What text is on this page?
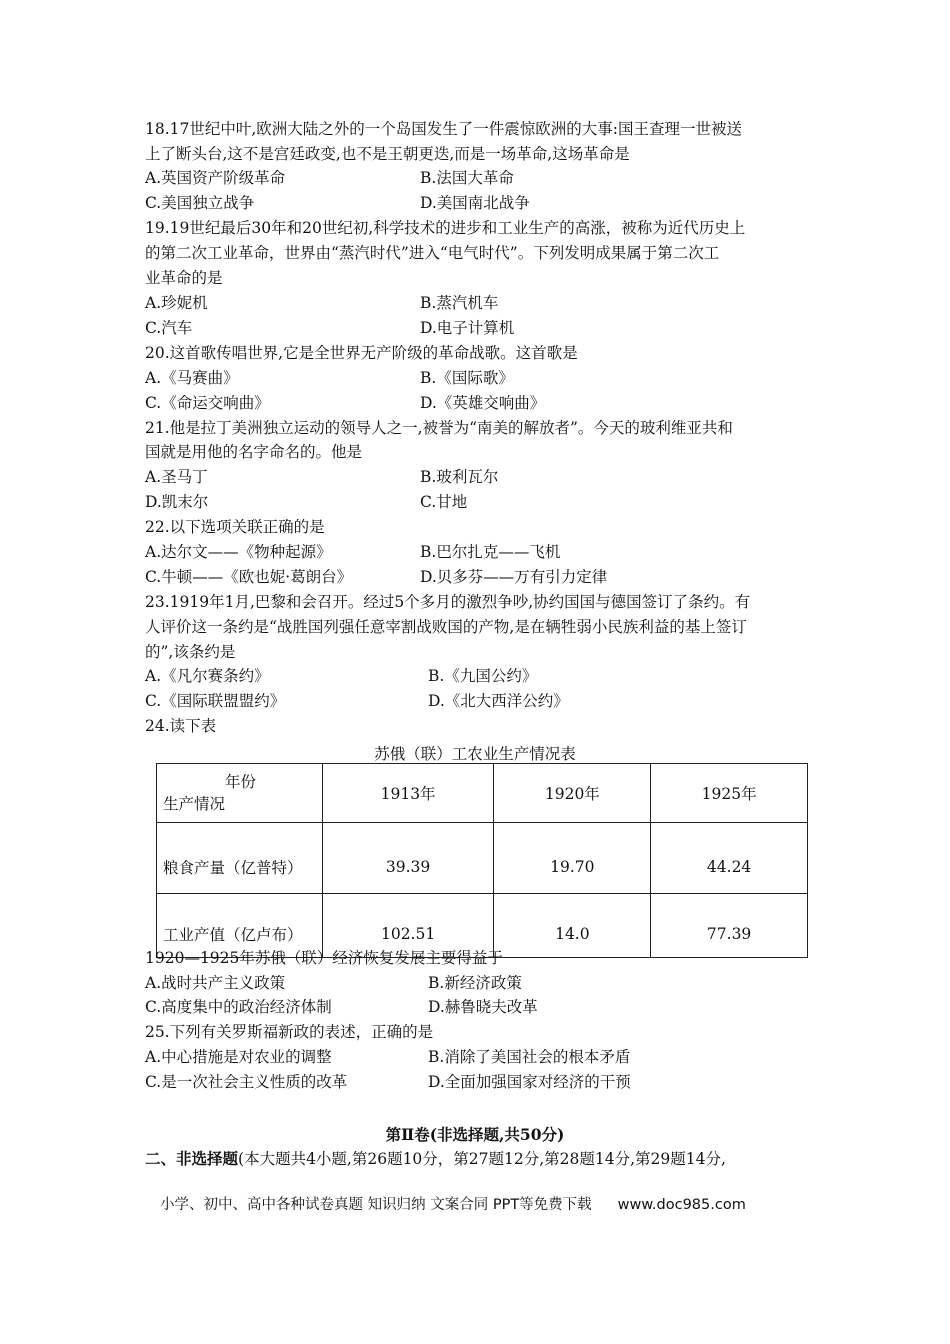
18.17世纪中叶,欧洲大陆之外的一个岛国发生了一件震惊欧洲的大事:国王查理一世被送
上了断头台,这不是宫廷政变,也不是王朝更迭,而是一场革命,这场革命是
A.英国资产阶级革命	B.法国大革命
C.美国独立战争	D.美国南北战争
19.19世纪最后30年和20世纪初,科学技术的进步和工业生产的高涨，被称为近代历史上
的第二次工业革命，世界由“蒸汽时代”进入“电气时代”。下列发明成果属于第二次工
业革命的是
A.珍妮机	B.蒸汽机车
C.汽车	D.电子计算机
20.这首歌传唱世界,它是全世界无产阶级的革命战歌。这首歌是
A.《马赛曲》	B.《国际歌》
C.《命运交响曲》	D.《英雄交响曲》
21.他是拉丁美洲独立运动的领导人之一,被誉为“南美的解放者”。今天的玻利维亚共和
国就是用他的名字命名的。他是
A.圣马丁	B.玻利瓦尔
D.凯末尔	C.甘地
22.以下选项关联正确的是
A.达尔文——《物种起源》	B.巴尔扎克——飞机
C.牛顿——《欧也妮·葛朗台》	D.贝多芬——万有引力定律
23.1919年1月,巴黎和会召开。经过5个多月的激烈争吵,协约国国与德国签订了条约。有
人评价这一条约是“战胜国列强任意宰割战败国的产物,是在辆牲弱小民族利益的基上签订
的”,该条约是
A.《凡尔赛条约》	B.《九国公约》
C.《国际联盟盟约》	D.《北大西洋公约》
24.读下表
苏俄（联）工农业生产情况表
年份
生产情况	1913年	1920年	1925年
粮食产量（亿普特）	39.39	19.70	44.24
工业产值（亿卢布）	102.51	14.0	77.39
1920—1925年苏俄（联）经济恢复发展主要得益于
A.战时共产主义政策	B.新经济政策
C.高度集中的政治经济体制	D.赫鲁晓夫改革
25.下列有关罗斯福新政的表述，正确的是
A.中心措施是对农业的调整	B.消除了美国社会的根本矛盾
C.是一次社会主义性质的改革	D.全面加强国家对经济的干预
第Ⅱ卷(非选择题,共50分)
二、非选择题(本大题共4小题,第26题10分，第27题12分,第28题14分,第29题14分,
小学、初中、高中各种试卷真题 知识归纳 文案合同 PPT等免费下载 www.doc985.com
